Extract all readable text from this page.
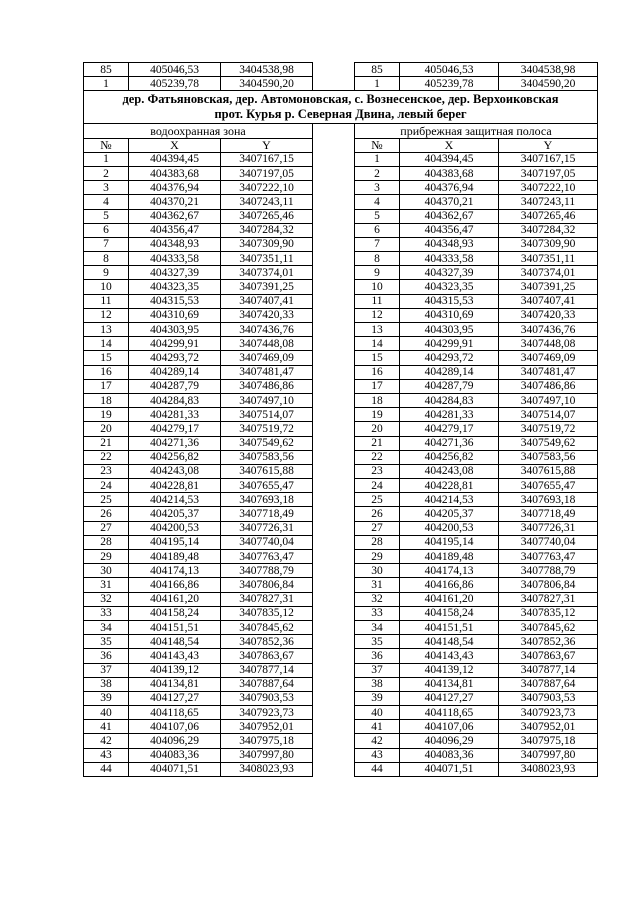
85	405046,53	3404538,98		85	405046,53	3404538,98
1	405239,78	3404590,20		1	405239,78	3404590,20

дер. Фатьяновская, дер. Автомоновская, с. Вознесенское, дер. Верхоиковская
прот. Курья р. Северная Двина, левый берег						

водоохранная зона				прибрежная защитная полоса		
№	X	Y		№	X	Y
1	404394,45	3407167,15		1	404394,45	3407167,15
2	404383,68	3407197,05		2	404383,68	3407197,05
3	404376,94	3407222,10		3	404376,94	3407222,10
4	404370,21	3407243,11		4	404370,21	3407243,11
5	404362,67	3407265,46		5	404362,67	3407265,46
6	404356,47	3407284,32		6	404356,47	3407284,32
7	404348,93	3407309,90		7	404348,93	3407309,90
8	404333,58	3407351,11		8	404333,58	3407351,11
9	404327,39	3407374,01		9	404327,39	3407374,01
10	404323,35	3407391,25		10	404323,35	3407391,25
11	404315,53	3407407,41		11	404315,53	3407407,41
12	404310,69	3407420,33		12	404310,69	3407420,33
13	404303,95	3407436,76		13	404303,95	3407436,76
14	404299,91	3407448,08		14	404299,91	3407448,08
15	404293,72	3407469,09		15	404293,72	3407469,09
16	404289,14	3407481,47		16	404289,14	3407481,47
17	404287,79	3407486,86		17	404287,79	3407486,86
18	404284,83	3407497,10		18	404284,83	3407497,10
19	404281,33	3407514,07		19	404281,33	3407514,07
20	404279,17	3407519,72		20	404279,17	3407519,72
21	404271,36	3407549,62		21	404271,36	3407549,62
22	404256,82	3407583,56		22	404256,82	3407583,56
23	404243,08	3407615,88		23	404243,08	3407615,88
24	404228,81	3407655,47		24	404228,81	3407655,47
25	404214,53	3407693,18		25	404214,53	3407693,18
26	404205,37	3407718,49		26	404205,37	3407718,49
27	404200,53	3407726,31		27	404200,53	3407726,31
28	404195,14	3407740,04		28	404195,14	3407740,04
29	404189,48	3407763,47		29	404189,48	3407763,47
30	404174,13	3407788,79		30	404174,13	3407788,79
31	404166,86	3407806,84		31	404166,86	3407806,84
32	404161,20	3407827,31		32	404161,20	3407827,31
33	404158,24	3407835,12		33	404158,24	3407835,12
34	404151,51	3407845,62		34	404151,51	3407845,62
35	404148,54	3407852,36		35	404148,54	3407852,36
36	404143,43	3407863,67		36	404143,43	3407863,67
37	404139,12	3407877,14		37	404139,12	3407877,14
38	404134,81	3407887,64		38	404134,81	3407887,64
39	404127,27	3407903,53		39	404127,27	3407903,53
40	404118,65	3407923,73		40	404118,65	3407923,73
41	404107,06	3407952,01		41	404107,06	3407952,01
42	404096,29	3407975,18		42	404096,29	3407975,18
43	404083,36	3407997,80		43	404083,36	3407997,80
44	404071,51	3408023,93		44	404071,51	3408023,93
